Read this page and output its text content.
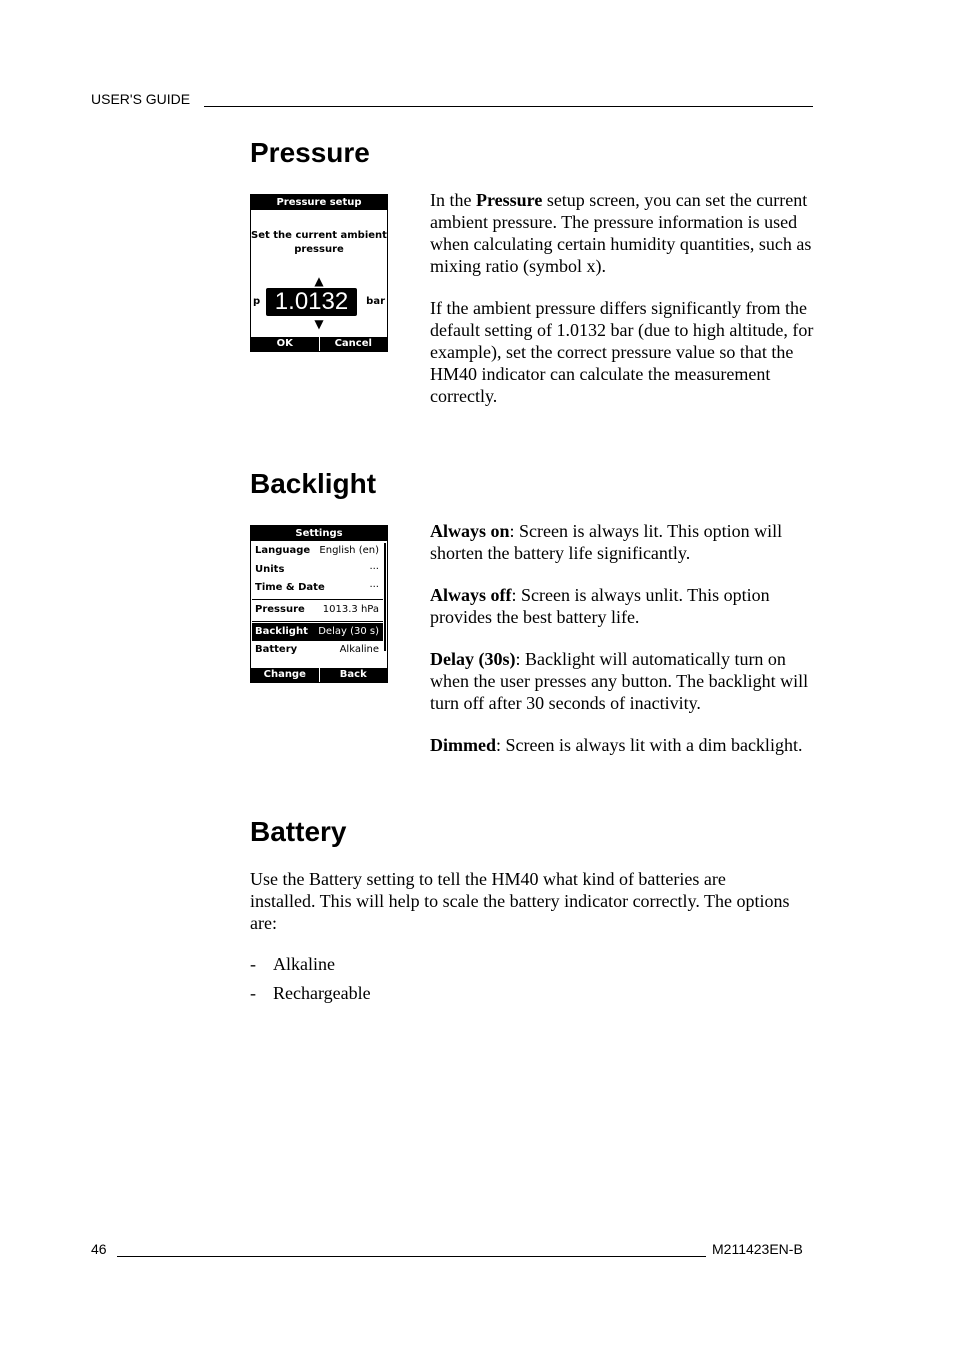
USER'S GUIDE
Pressure
Pressure setup
Set the current ambient pressure
▲
p 1.0132	bar
▼
OK	Cancel

In the Pressure setup screen, you can set the current ambient pressure. The pressure information is used when calculating certain humidity quantities, such as mixing ratio (symbol x).

If the ambient pressure differs significantly from the default setting of 1.0132 bar (due to high altitude, for example), set the correct pressure value so that the HM40 indicator can calculate the measurement correctly.

Backlight
Settings
Language English (en)
Units	···
Time & Date	···
Pressure 1013.3 hPa
Backlight Delay (30 s)
Battery	Alkaline
Change	Back

Always on: Screen is always lit. This option will shorten the battery life significantly.

Always off: Screen is always unlit. This option provides the best battery life.

Delay (30s): Backlight will automatically turn on when the user presses any button. The backlight will turn off after 30 seconds of inactivity.

Dimmed: Screen is always lit with a dim backlight.

Battery

Use the Battery setting to tell the HM40 what kind of batteries are installed. This will help to scale the battery indicator correctly. The options are:

- Alkaline
- Rechargeable
46	M211423EN-B
